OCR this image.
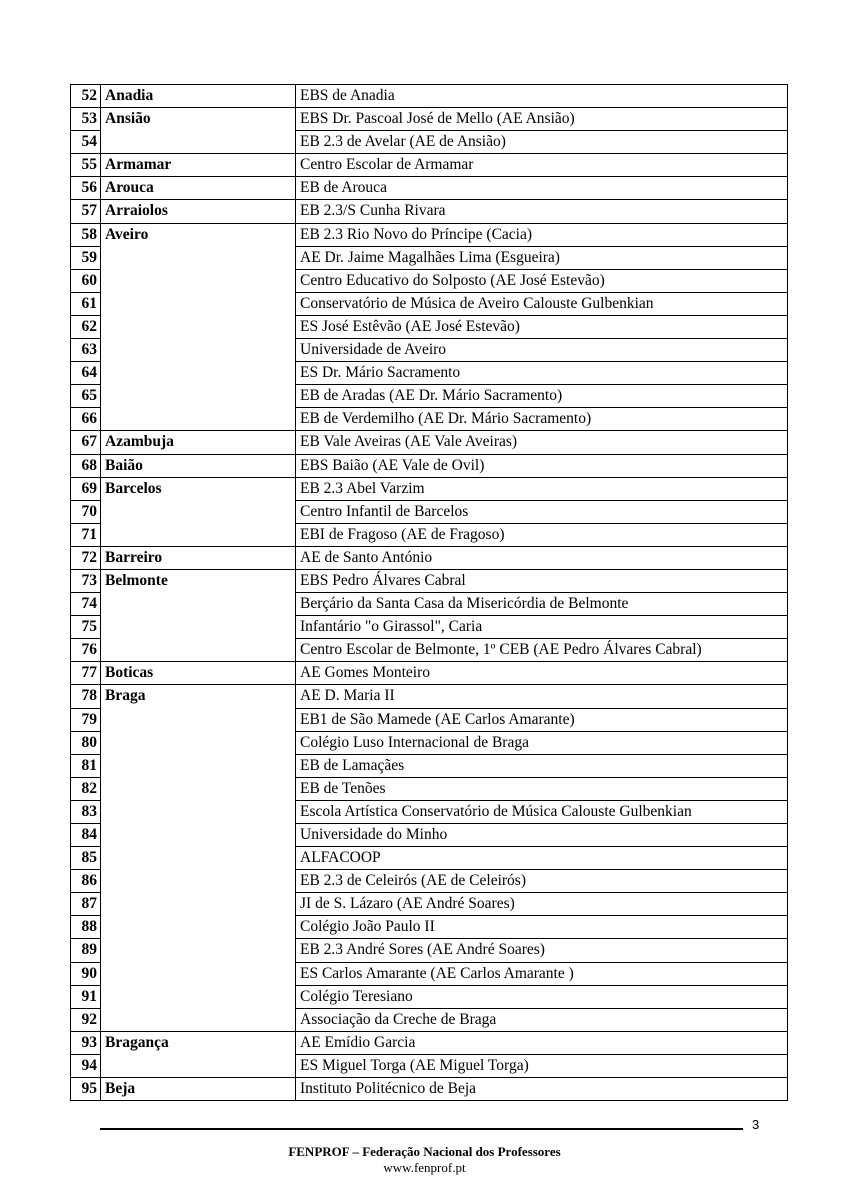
52	Anadia	EBS de Anadia
53	Ansião	EBS Dr. Pascoal José de Mello (AE Ansião)
54		EB 2.3 de Avelar (AE de Ansião)
55	Armamar	Centro Escolar de Armamar
56	Arouca	EB de Arouca
57	Arraiolos	EB 2.3/S Cunha Rivara
58	Aveiro	EB 2.3 Rio Novo do Príncipe (Cacia)
59		AE Dr. Jaime Magalhães Lima (Esgueira)
60		Centro Educativo do Solposto (AE José Estevão)
61		Conservatório de Música de Aveiro Calouste Gulbenkian
62		ES José Estêvão (AE José Estevão)
63		Universidade de Aveiro
64		ES Dr. Mário Sacramento
65		EB de Aradas (AE Dr. Mário Sacramento)
66		EB de Verdemilho (AE Dr. Mário Sacramento)
67	Azambuja	EB Vale Aveiras (AE Vale Aveiras)
68	Baião	EBS Baião (AE Vale de Ovil)
69	Barcelos	EB 2.3 Abel Varzim
70		Centro Infantil de Barcelos
71		EBI de Fragoso (AE de Fragoso)
72	Barreiro	AE de Santo António
73	Belmonte	EBS Pedro Álvares Cabral
74		Berçário da Santa Casa da Misericórdia de Belmonte
75		Infantário "o Girassol", Caria
76		Centro Escolar de Belmonte, 1º CEB (AE Pedro Álvares Cabral)
77	Boticas	AE Gomes Monteiro
78	Braga	AE D. Maria II
79		EB1 de São Mamede (AE Carlos Amarante)
80		Colégio Luso Internacional de Braga
81		EB de Lamaçães
82		EB de Tenões
83		Escola Artística Conservatório de Música Calouste Gulbenkian
84		Universidade do Minho
85		ALFACOOP
86		EB 2.3 de Celeirós (AE de Celeirós)
87		JI de S. Lázaro (AE André Soares)
88		Colégio João Paulo II
89		EB 2.3 André Sores (AE André Soares)
90		ES Carlos Amarante (AE Carlos Amarante )
91		Colégio Teresiano
92		Associação da Creche de Braga
93	Bragança	AE Emídio Garcia
94		ES Miguel Torga (AE Miguel Torga)
95	Beja	Instituto Politécnico de Beja
3
FENPROF – Federação Nacional dos Professores
www.fenprof.pt
